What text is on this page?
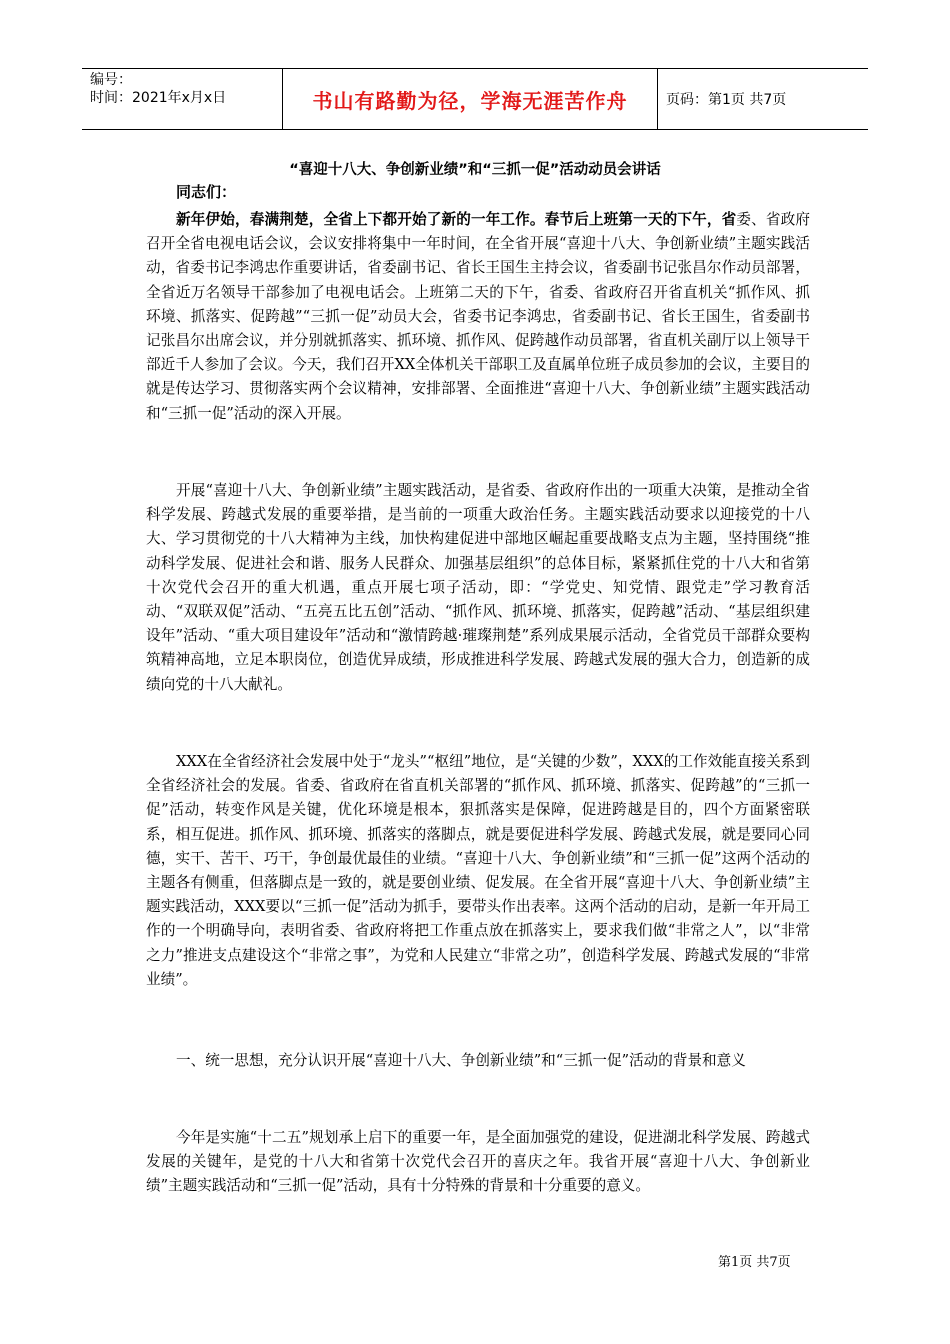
编号：
时间：2021年x月x日	书山有路勤为径，学海无涯苦作舟	页码：第1页 共7页
“喜迎十八大、争创新业绩”和“三抓一促”活动动员会讲话
同志们：

新年伊始，春满荆楚，全省上下都开始了新的一年工作。春节后上班第一天的下午，省委、省政府召开全省电视电话会议，会议安排将集中一年时间，在全省开展“喜迎十八大、争创新业绩”主题实践活动，省委书记李鸿忠作重要讲话，省委副书记、省长王国生主持会议，省委副书记张昌尔作动员部署，全省近万名领导干部参加了电视电话会。上班第二天的下午，省委、省政府召开省直机关“抓作风、抓环境、抓落实、促跨越”“三抓一促”动员大会，省委书记李鸿忠，省委副书记、省长王国生，省委副书记张昌尔出席会议，并分别就抓落实、抓环境、抓作风、促跨越作动员部署，省直机关副厅以上领导干部近千人参加了会议。今天，我们召开XX全体机关干部职工及直属单位班子成员参加的会议，主要目的就是传达学习、贯彻落实两个会议精神，安排部署、全面推进“喜迎十八大、争创新业绩”主题实践活动和“三抓一促”活动的深入开展。

开展“喜迎十八大、争创新业绩”主题实践活动，是省委、省政府作出的一项重大决策，是推动全省科学发展、跨越式发展的重要举措，是当前的一项重大政治任务。主题实践活动要求以迎接党的十八大、学习贯彻党的十八大精神为主线，加快构建促进中部地区崛起重要战略支点为主题，坚持围绕“推动科学发展、促进社会和谐、服务人民群众、加强基层组织”的总体目标，紧紧抓住党的十八大和省第十次党代会召开的重大机遇，重点开展七项子活动，即：“学党史、知党情、跟党走”学习教育活动、“双联双促”活动、“五亮五比五创”活动、“抓作风、抓环境、抓落实，促跨越”活动、“基层组织建设年”活动、“重大项目建设年”活动和“激情跨越·璀璨荆楚”系列成果展示活动，全省党员干部群众要构筑精神高地，立足本职岗位，创造优异成绩，形成推进科学发展、跨越式发展的强大合力，创造新的成绩向党的十八大献礼。

XXX在全省经济社会发展中处于“龙头”“枢纽”地位，是“关键的少数”，XXX的工作效能直接关系到全省经济社会的发展。省委、省政府在省直机关部署的“抓作风、抓环境、抓落实、促跨越”的“三抓一促”活动，转变作风是关键，优化环境是根本，狠抓落实是保障，促进跨越是目的，四个方面紧密联系，相互促进。抓作风、抓环境、抓落实的落脚点，就是要促进科学发展、跨越式发展，就是要同心同德，实干、苦干、巧干，争创最优最佳的业绩。“喜迎十八大、争创新业绩”和“三抓一促”这两个活动的主题各有侧重，但落脚点是一致的，就是要创业绩、促发展。在全省开展“喜迎十八大、争创新业绩”主题实践活动，XXX要以“三抓一促”活动为抓手，要带头作出表率。这两个活动的启动，是新一年开局工作的一个明确导向，表明省委、省政府将把工作重点放在抓落实上，要求我们做“非常之人”，以“非常之力”推进支点建设这个“非常之事”，为党和人民建立“非常之功”，创造科学发展、跨越式发展的“非常业绩”。

一、统一思想，充分认识开展“喜迎十八大、争创新业绩”和“三抓一促”活动的背景和意义

今年是实施“十二五”规划承上启下的重要一年，是全面加强党的建设，促进湖北科学发展、跨越式发展的关键年，是党的十八大和省第十次党代会召开的喜庆之年。我省开展“喜迎十八大、争创新业绩”主题实践活动和“三抓一促”活动，具有十分特殊的背景和十分重要的意义。

第1页 共7页
